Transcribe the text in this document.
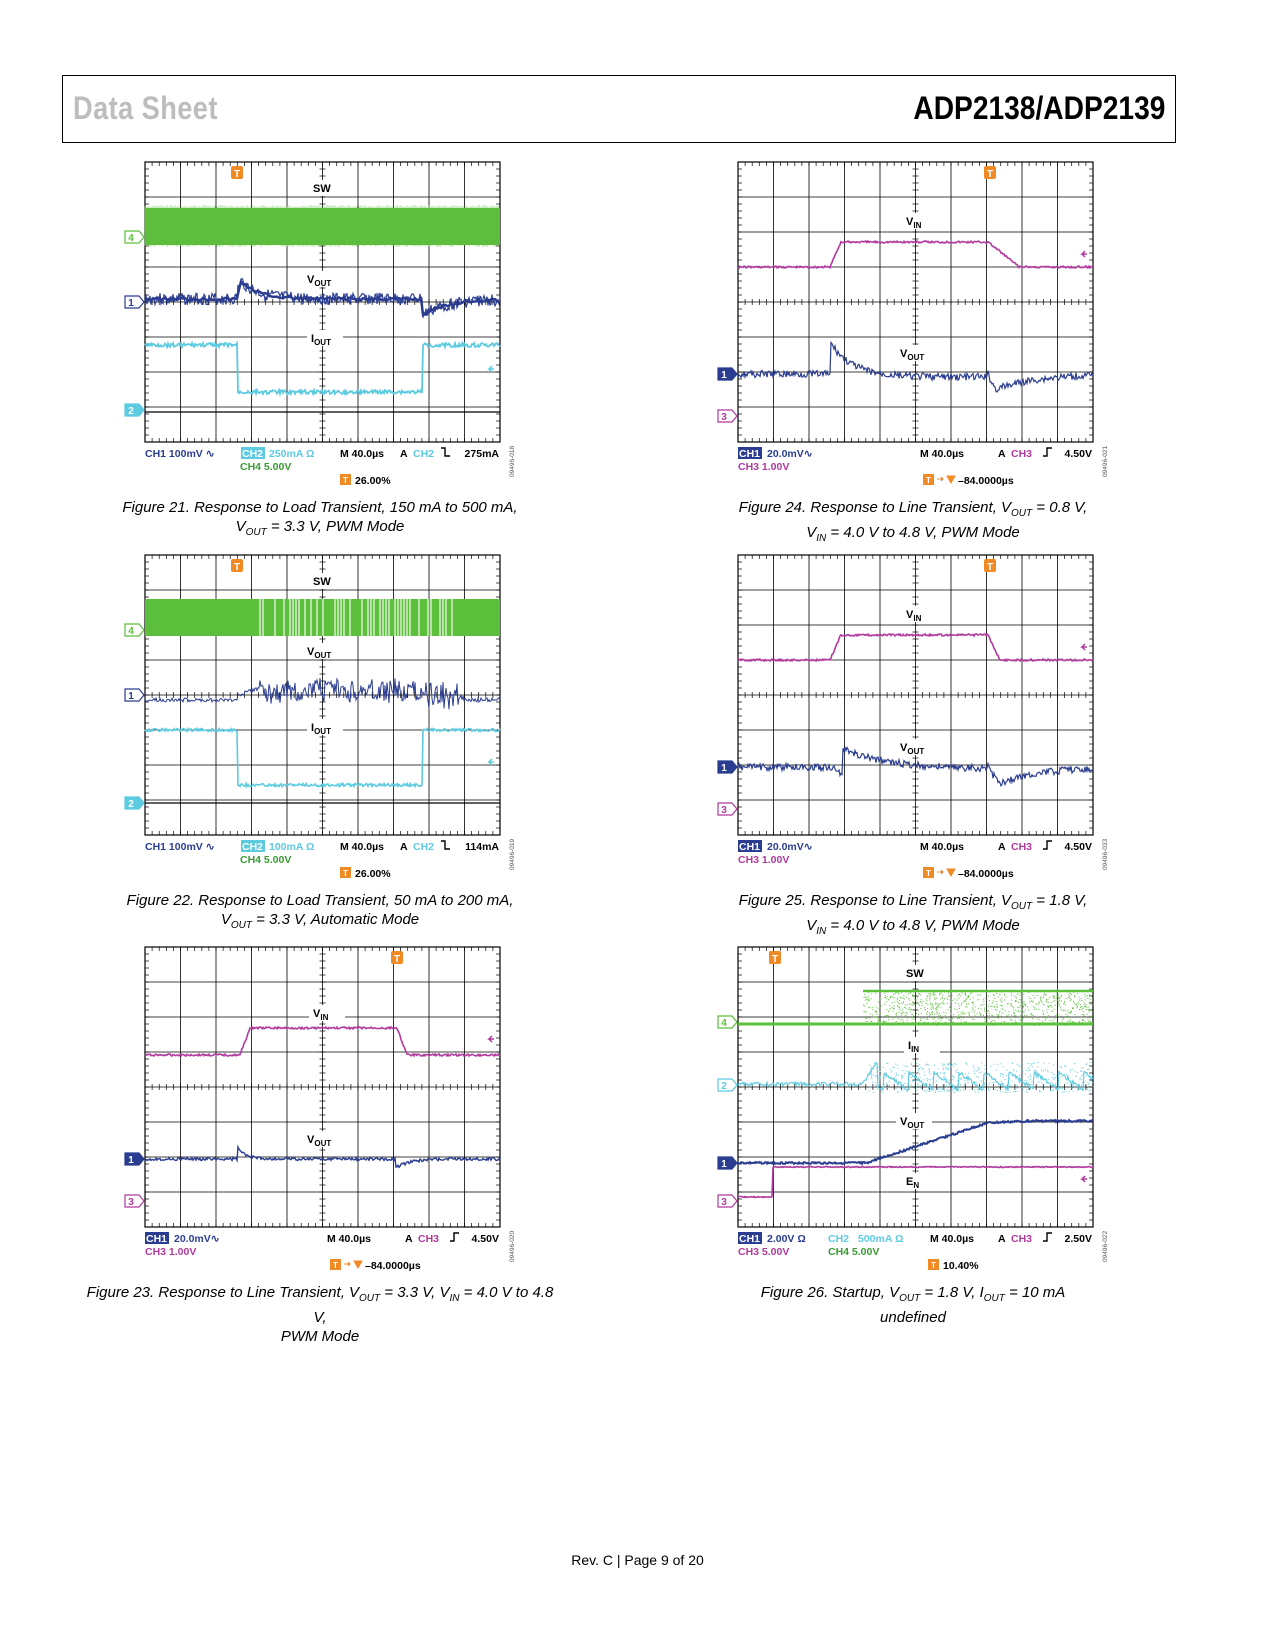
Data Sheet	ADP2138/ADP2139
T
SW
$V_{OUT}$
$I_{OUT}$
4
1
2
CH1 100mV ∿	CH2 250mA Ω M 40.0µs A CH2	275mA
CH4 5.00V
T 26.00%
09496-018
Figure 21. Response to Load Transient, 150 mA to 500 mA,
$V_{OUT} = 3.3$ V, PWM Mode
T
SW
$V_{OUT}$
$I_{OUT}$
4
1
2
CH1 100mV ∿	CH2 100mA Ω M 40.0µs A CH2	114mA
CH4 5.00V
T 26.00%
09496-019
Figure 22. Response to Load Transient, 50 mA to 200 mA,
$V_{OUT} = 3.3$ V, Automatic Mode
T
$V_{IN}$
$V_{OUT}$
1
3
CH1 20.0mV∿	M 40.0µs	A CH3	4.50V
CH3 1.00V
T	–84.0000µs
09496-020
Figure 23. Response to Line Transient, $V_{OUT} = 3.3$ V, $V_{IN} = 4.0$ V to 4.8 V,
PWM Mode
T
$V_{IN}$
$V_{OUT}$
1
3
CH1 20.0mV∿	M 40.0µs	A CH3	4.50V
CH3 1.00V
T	–84.0000µs
09496-021
Figure 24. Response to Line Transient, $V_{OUT} = 0.8$ V,
$V_{IN} = 4.0$ V to 4.8 V, PWM Mode
T
$V_{IN}$
$V_{OUT}$
1
3
CH1 20.0mV∿	M 40.0µs	A CH3	4.50V
CH3 1.00V
T	–84.0000µs
09496-033
Figure 25. Response to Line Transient, $V_{OUT} = 1.8$ V,
$V_{IN} = 4.0$ V to 4.8 V, PWM Mode
T
SW
$I_{IN}$
$V_{OUT}$
$E_N$
4
2
1
3
CH1 2.00V Ω CH2 500mA Ω	M 40.0µs A CH3	2.50V
CH3 5.00V	CH4 5.00V
T 10.40%
09496-022
Figure 26. Startup, $V_{OUT} = 1.8$ V, $I_{OUT} = 10$ mA
undefined
Rev. C | Page 9 of 20
